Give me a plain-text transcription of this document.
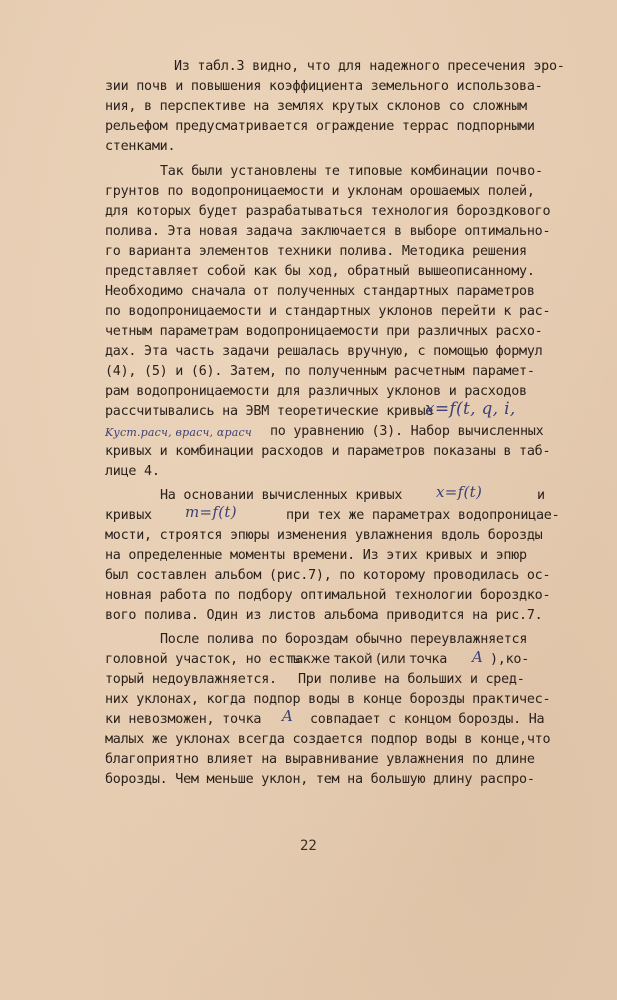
Из табл.3 видно, что для надежного пресечения эро-
зии почв и повышения коэффициента земельного использова-
ния, в перспективе на землях крутых склонов со сложным
рельефом предусматривается ограждение террас подпорными
стенками.
Так были установлены те типовые комбинации почво-
грунтов по водопроницаемости и уклонам орошаемых полей,
для которых будет разрабатываться технология бороздкового
полива. Эта новая задача заключается в выборе оптимально-
го варианта элементов техники полива. Методика решения
представляет собой как бы ход, обратный вышеописанному.
Необходимо сначала от полученных стандартных параметров
по водопроницаемости и стандартных уклонов перейти к рас-
четным параметрам водопроницаемости при различных расхо-
дах. Эта часть задачи решалась вручную, с помощью формул
(4), (5) и (6). Затем, по полученным расчетным парамет-
рам водопроницаемости для различных уклонов и расходов
рассчитывались на ЭВМ теоретические кривые
x=f(t, q, i,
Kуст.расч, вpасч, αpасч по уравнению (3). Набор вычисленных
кривых и комбинации расходов и параметров показаны в таб-
лице 4.
На основании вычисленных кривых x=f(t)	и
кривых m=f(t)	при тех же параметрах водопроницае-
мости, строятся эпюры изменения увлажнения вдоль борозды
на определенные моменты времени. Из этих кривых и эпюр
был составлен альбом (рис.7), по которому проводилась ос-
новная работа по подбору оптимальной технологии бороздко-
вого полива. Один из листов альбома приводится на рис.7.
После полива по бороздам обычно переувлажняется
головной участок, но есть
также такой (или точка A ),ко-
торый недоувлажняется. При поливе на больших и сред-
них уклонах, когда подпор воды в конце борозды практичес-
ки невозможен, точка A совпадает с концом борозды. На
малых же уклонах всегда создается подпор воды в конце,что
благоприятно влияет на выравнивание увлажнения по длине
борозды. Чем меньше уклон, тем на большую длину распро-
22
